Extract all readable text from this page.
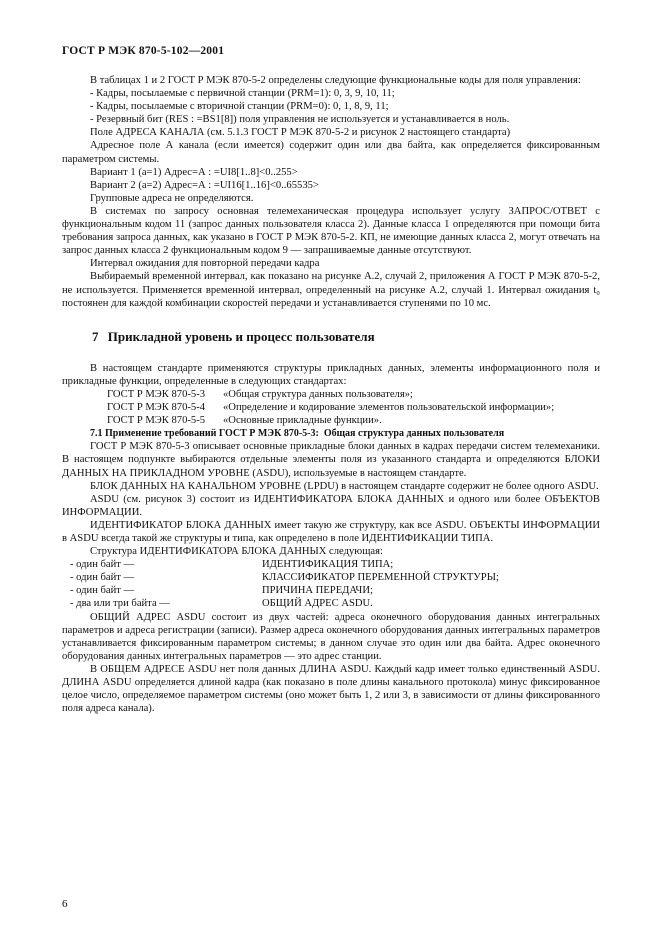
ГОСТ Р МЭК 870-5-102—2001

В таблицах 1 и 2 ГОСТ Р МЭК 870-5-2 определены следующие функциональные коды для поля управления:

- Кадры, посылаемые с первичной станции (PRM=1): 0, 3, 9, 10, 11;

- Кадры, посылаемые с вторичной станции (PRM=0): 0, 1, 8, 9, 11;

- Резервный бит (RES : =BS1[8]) поля управления не используется и устанавливается в ноль.

Поле АДРЕСА КАНАЛА (см. 5.1.3 ГОСТ Р МЭК 870-5-2 и рисунок 2 настоящего стандарта)

Адресное поле А канала (если имеется) содержит один или два байта, как определяется фиксированным параметром системы.

Вариант 1 (а=1) Адрес=А : =UI8[1..8]<0..255>

Вариант 2 (а=2) Адрес=А : =UI16[1..16]<0..65535>

Групповые адреса не определяются.

В системах по запросу основная телемеханическая процедура использует услугу ЗАПРОС/ОТВЕТ с функциональным кодом 11 (запрос данных пользователя класса 2). Данные класса 1 определяются при помощи бита требования запроса данных, как указано в ГОСТ Р МЭК 870-5-2. КП, не имеющие данных класса 2, могут отвечать на запрос данных класса 2 функциональным кодом 9 — запрашиваемые данные отсутствуют.

Интервал ожидания для повторной передачи кадра

Выбираемый временной интервал, как показано на рисунке А.2, случай 2, приложения А ГОСТ Р МЭК 870-5-2, не используется. Применяется временной интервал, определенный на рисунке А.2, случай 1. Интервал ожидания t₀ постоянен для каждой комбинации скоростей передачи и устанавливается ступенями по 10 мс.

7 Прикладной уровень и процесс пользователя

В настоящем стандарте применяются структуры прикладных данных, элементы информационного поля и прикладные функции, определенные в следующих стандартах:

ГОСТ Р МЭК 870-5-3 «Общая структура данных пользователя»;

ГОСТ Р МЭК 870-5-4 «Определение и кодирование элементов пользовательской информации»;

ГОСТ Р МЭК 870-5-5 «Основные прикладные функции».

7.1 Применение требований ГОСТ Р МЭК 870-5-3: Общая структура данных пользователя

ГОСТ Р МЭК 870-5-3 описывает основные прикладные блоки данных в кадрах передачи систем телемеханики. В настоящем подпункте выбираются отдельные элементы поля из указанного стандарта и определяются БЛОКИ ДАННЫХ НА ПРИКЛАДНОМ УРОВНЕ (ASDU), используемые в настоящем стандарте.

БЛОК ДАННЫХ НА КАНАЛЬНОМ УРОВНЕ (LPDU) в настоящем стандарте содержит не более одного ASDU.

ASDU (см. рисунок 3) состоит из ИДЕНТИФИКАТОРА БЛОКА ДАННЫХ и одного или более ОБЪЕКТОВ ИНФОРМАЦИИ.

ИДЕНТИФИКАТОР БЛОКА ДАННЫХ имеет такую же структуру, как все ASDU. ОБЪЕКТЫ ИНФОРМАЦИИ в ASDU всегда такой же структуры и типа, как определено в поле ИДЕНТИФИКАЦИИ ТИПА.

Структура ИДЕНТИФИКАТОРА БЛОКА ДАННЫХ следующая:

- один байт —	ИДЕНТИФИКАЦИЯ ТИПА;
- один байт —	КЛАССИФИКАТОР ПЕРЕМЕННОЙ СТРУКТУРЫ;
- один байт —	ПРИЧИНА ПЕРЕДАЧИ;
- два или три байта —	ОБЩИЙ АДРЕС ASDU.

ОБЩИЙ АДРЕС ASDU состоит из двух частей: адреса оконечного оборудования данных интегральных параметров и адреса регистрации (записи). Размер адреса оконечного оборудования данных интегральных параметров устанавливается фиксированным параметром системы; в данном случае это один или два байта. Адрес оконечного оборудования данных интегральных параметров — это адрес станции.

В ОБЩЕМ АДРЕСЕ ASDU нет поля данных ДЛИНА ASDU. Каждый кадр имеет только единственный ASDU. ДЛИНА ASDU определяется длиной кадра (как показано в поле длины канального протокола) минус фиксированное целое число, определяемое параметром системы (оно может быть 1, 2 или 3, в зависимости от длины фиксированного поля адреса канала).

6
